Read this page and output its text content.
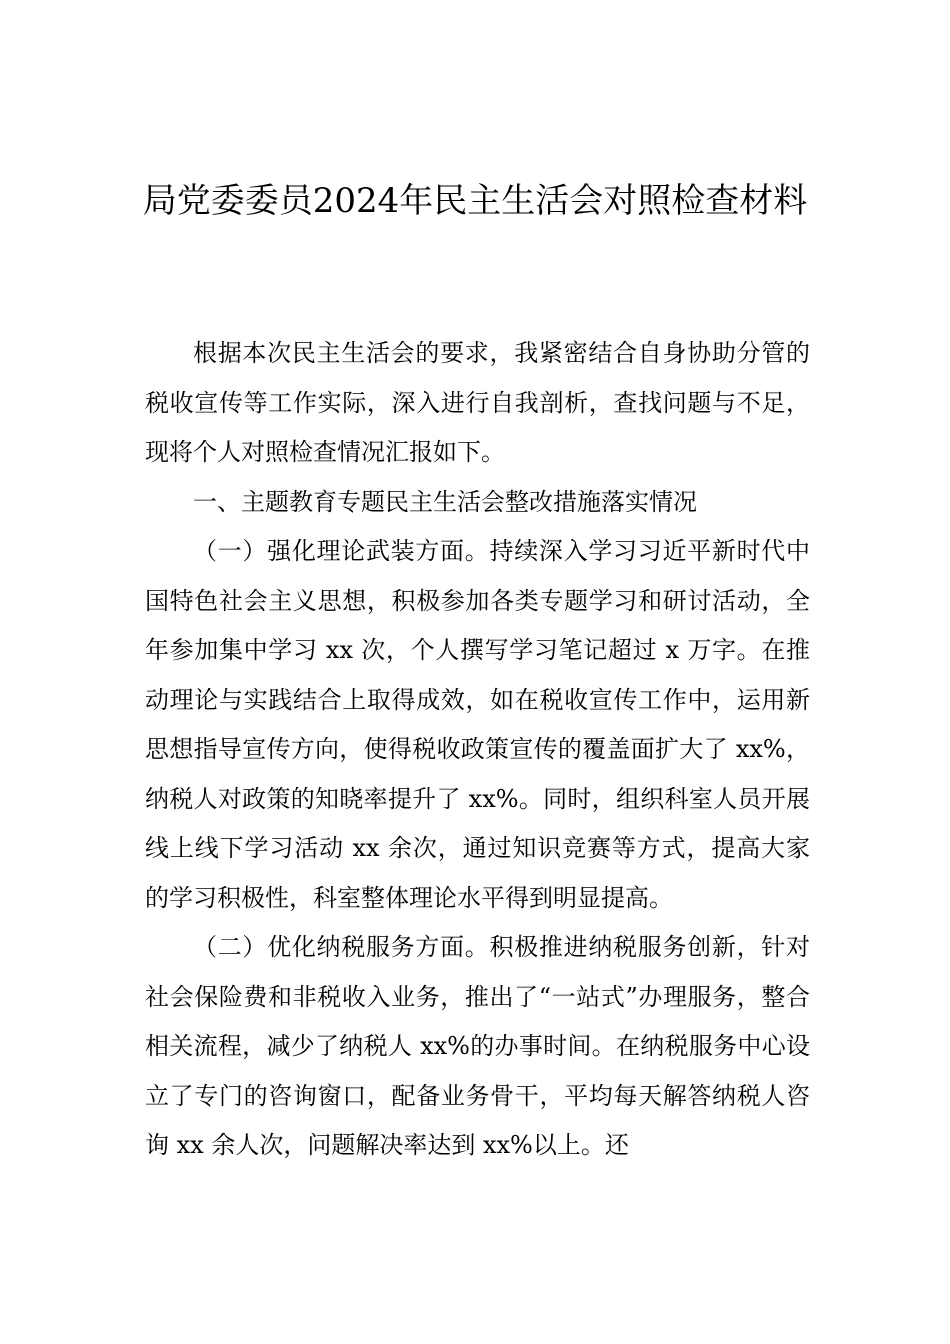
局党委委员2024年民主生活会对照检查材料

根据本次民主生活会的要求，我紧密结合自身协助分管的税收宣传等工作实际，深入进行自我剖析，查找问题与不足，现将个人对照检查情况汇报如下。

一、主题教育专题民主生活会整改措施落实情况

（一）强化理论武装方面。持续深入学习习近平新时代中国特色社会主义思想，积极参加各类专题学习和研讨活动，全年参加集中学习 xx 次，个人撰写学习笔记超过 x 万字。在推动理论与实践结合上取得成效，如在税收宣传工作中，运用新思想指导宣传方向，使得税收政策宣传的覆盖面扩大了 xx%，纳税人对政策的知晓率提升了 xx%。同时，组织科室人员开展线上线下学习活动 xx 余次，通过知识竞赛等方式，提高大家的学习积极性，科室整体理论水平得到明显提高。

（二）优化纳税服务方面。积极推进纳税服务创新，针对社会保险费和非税收入业务，推出了“一站式”办理服务，整合相关流程，减少了纳税人 xx%的办事时间。在纳税服务中心设立了专门的咨询窗口，配备业务骨干，平均每天解答纳税人咨询 xx 余人次，问题解决率达到 xx%以上。还
